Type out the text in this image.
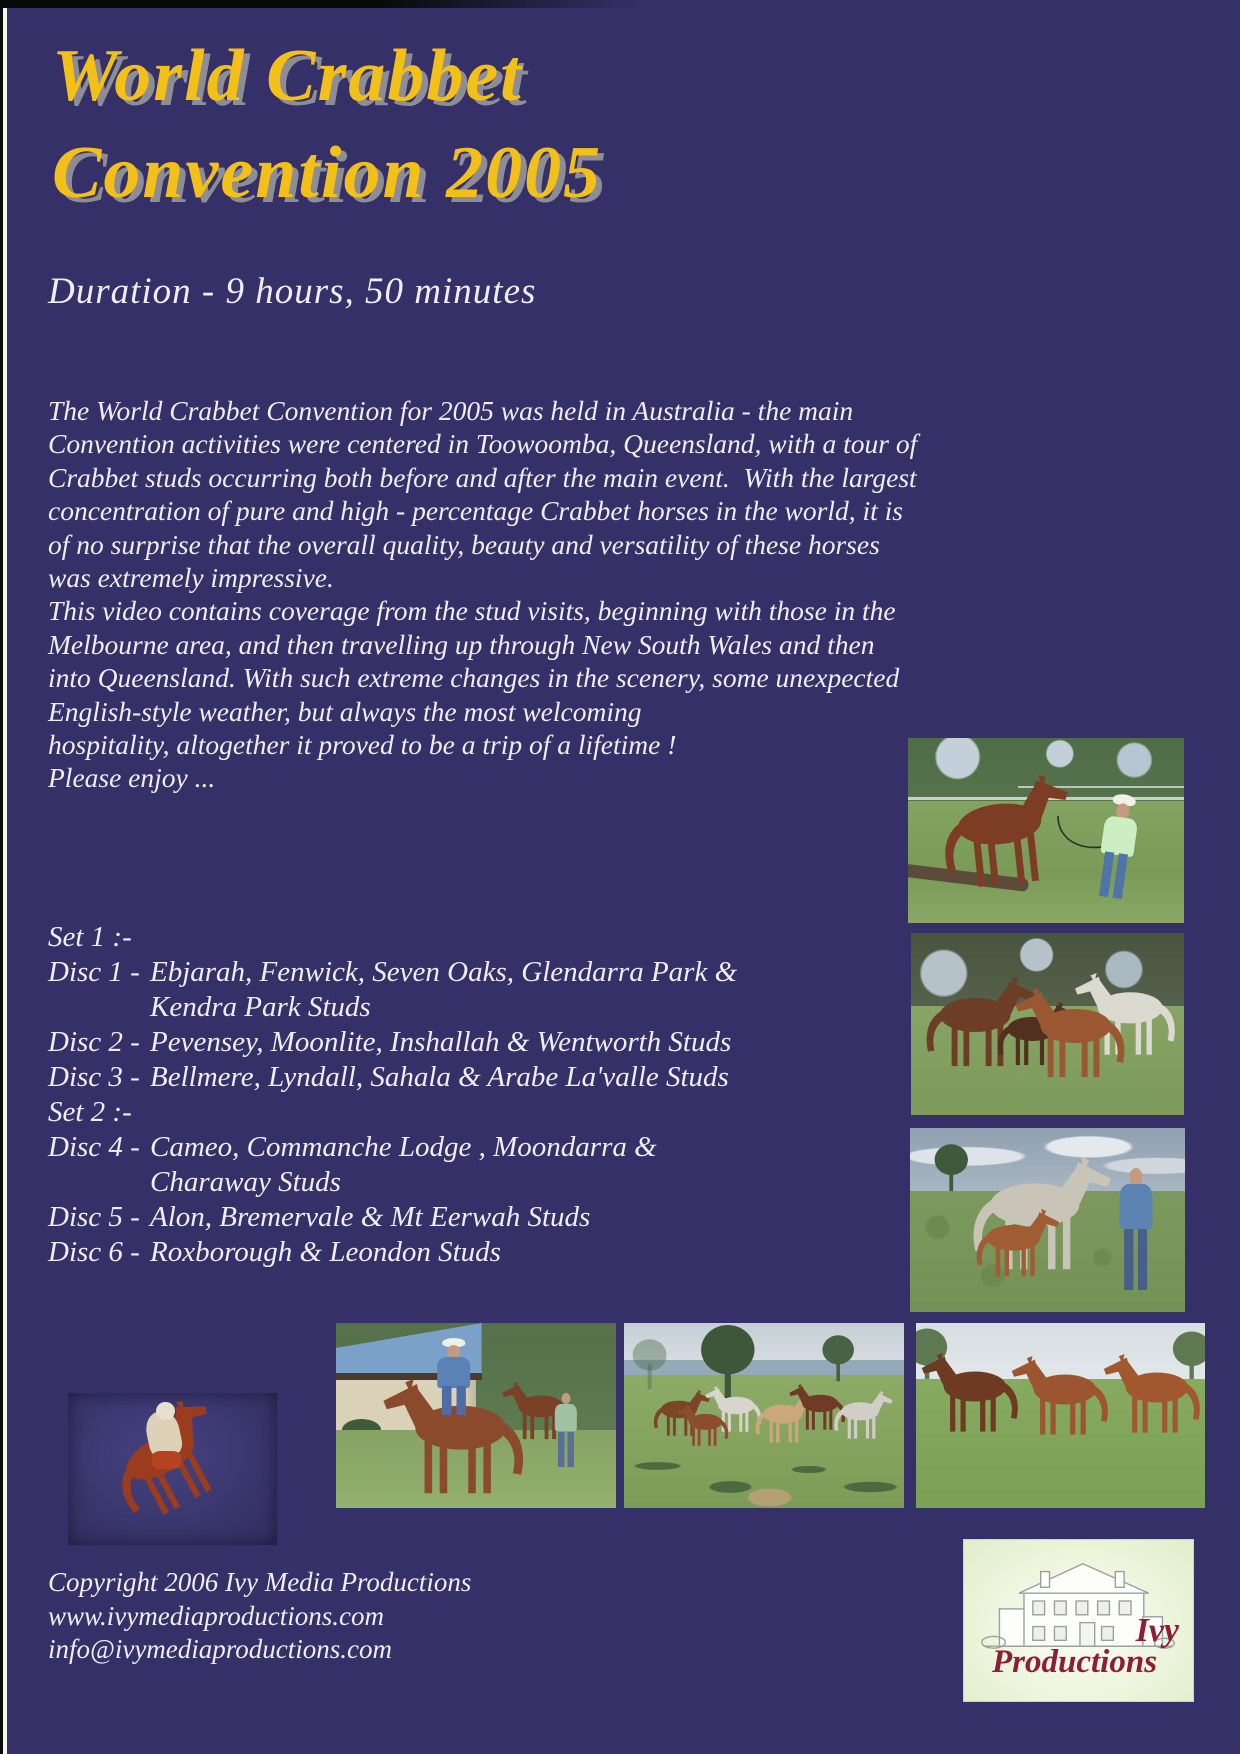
World Crabbet
Convention 2005
Duration - 9 hours, 50 minutes
The World Crabbet Convention for 2005 was held in Australia - the main
Convention activities were centered in Toowoomba, Queensland, with a tour of
Crabbet studs occurring both before and after the main event.  With the largest
concentration of pure and high - percentage Crabbet horses in the world, it is
of no surprise that the overall quality, beauty and versatility of these horses
was extremely impressive.
This video contains coverage from the stud visits, beginning with those in the
Melbourne area, and then travelling up through New South Wales and then
into Queensland. With such extreme changes in the scenery, some unexpected
English-style weather, but always the most welcoming
hospitality, altogether it proved to be a trip of a lifetime !
Please enjoy ...
Set 1 :-
Disc 1 - Ebjarah, Fenwick, Seven Oaks, Glendarra Park &
Kendra Park Studs
Disc 2 - Pevensey, Moonlite, Inshallah & Wentworth Studs
Disc 3 - Bellmere, Lyndall, Sahala & Arabe La'valle Studs
Set 2 :-
Disc 4 - Cameo, Commanche Lodge , Moondarra &
Charaway Studs
Disc 5 - Alon, Bremervale & Mt Eerwah Studs
Disc 6 - Roxborough & Leondon Studs
Ivy
Productions
Copyright 2006 Ivy Media Productions
www.ivymediaproductions.com
info@ivymediaproductions.com
